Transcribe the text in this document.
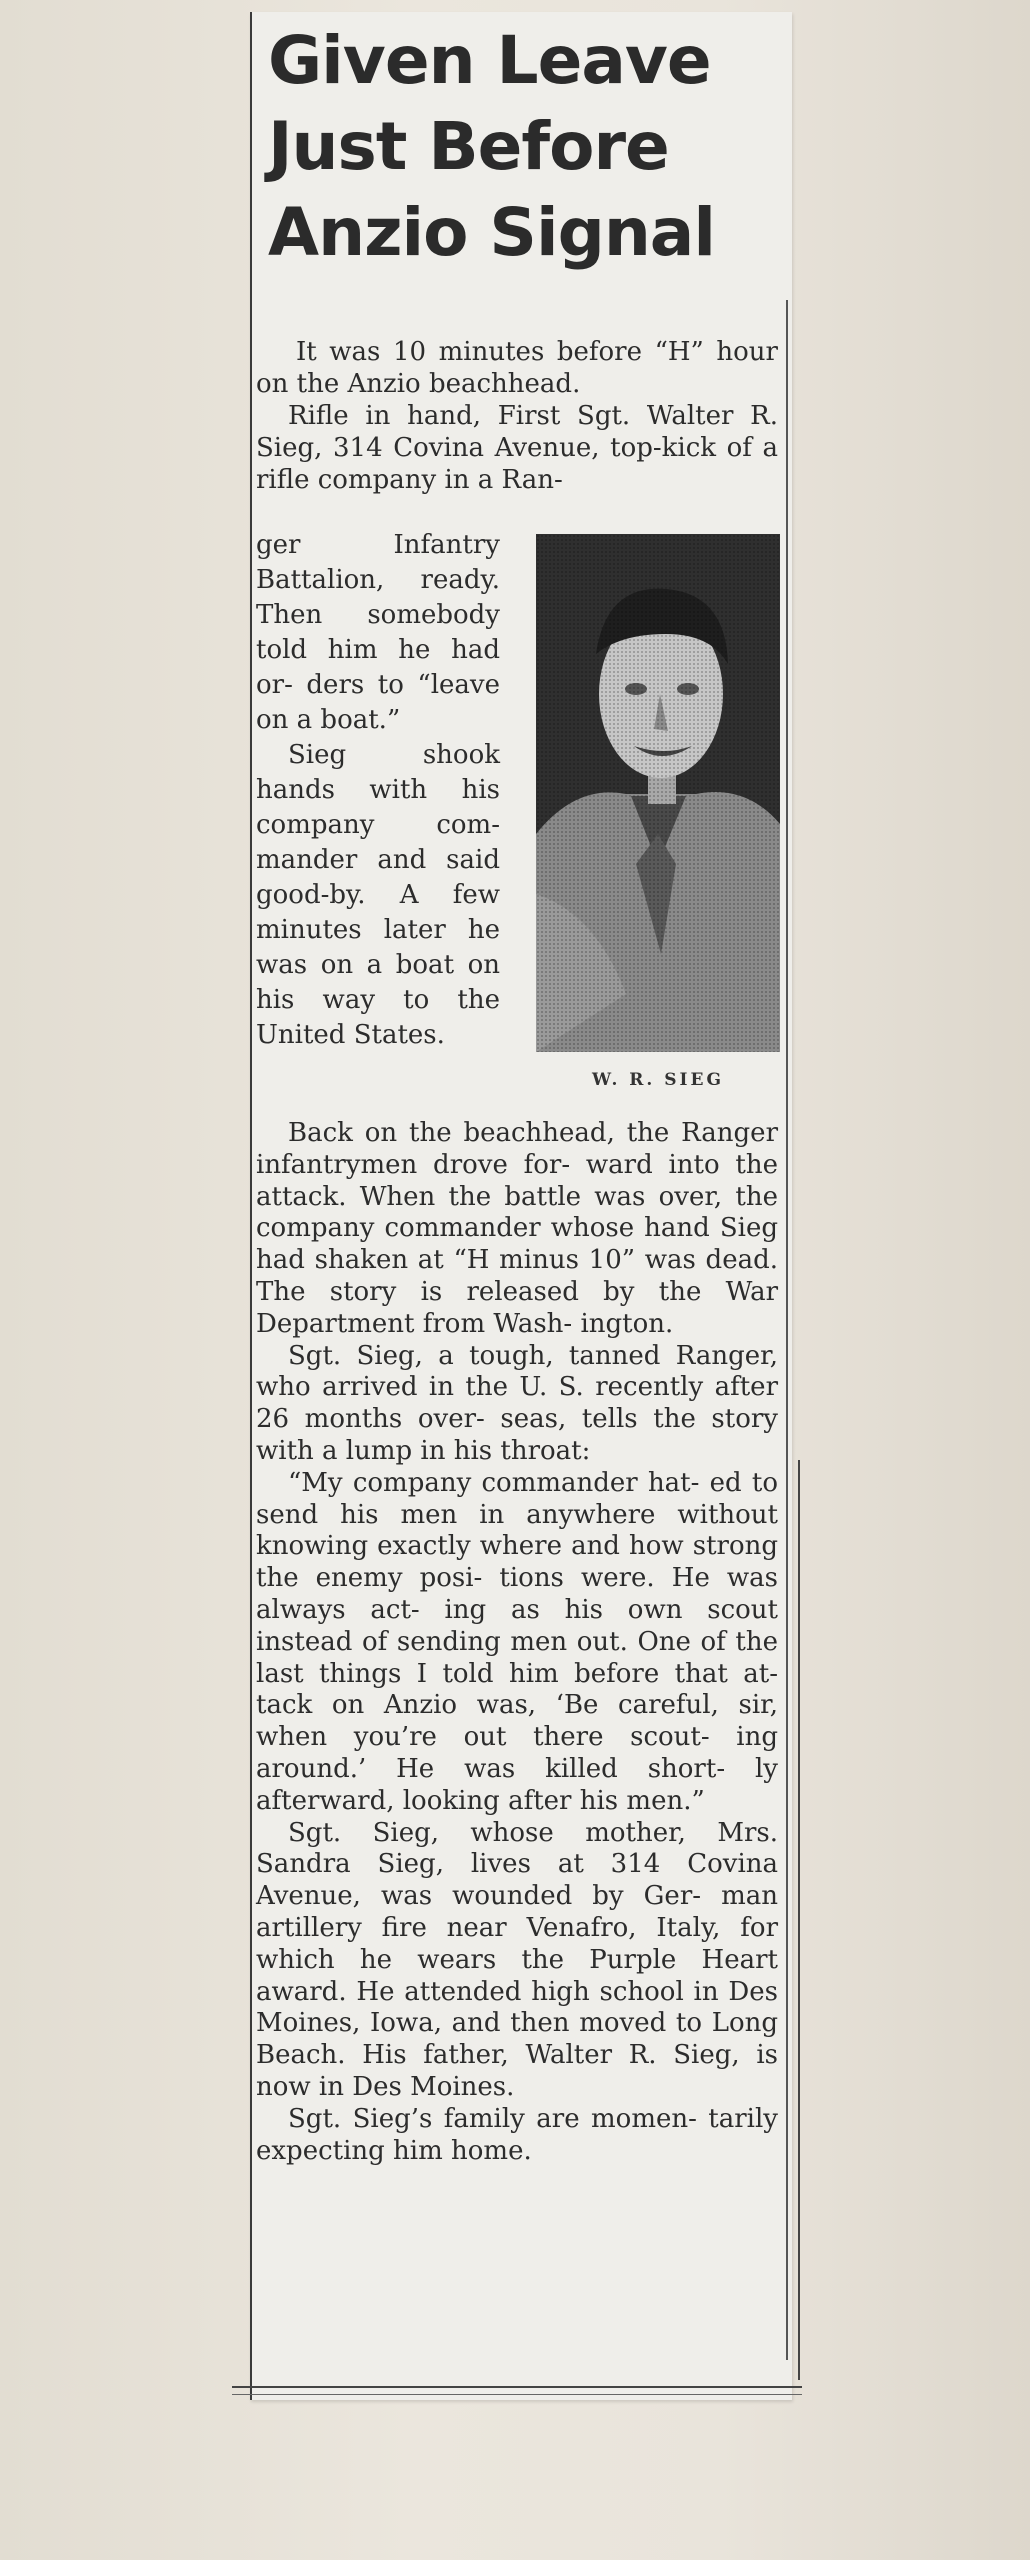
Given Leave
Just Before
Anzio Signal

It was 10 minutes before “H” hour on the Anzio beachhead.

Rifle in hand, First Sgt. Walter R. Sieg, 314 Covina Avenue, top-kick of a rifle company in a Ran-

ger Infantry Battalion, ready. Then somebody told him he had or- ders to “leave on a boat.”

Sieg shook hands with his company com- mander and said good-by. A few minutes later he was on a boat on his way to the United States.

W. R. SIEG

Back on the beachhead, the Ranger infantrymen drove for- ward into the attack. When the battle was over, the company commander whose hand Sieg had shaken at “H minus 10” was dead. The story is released by the War Department from Wash- ington.

Sgt. Sieg, a tough, tanned Ranger, who arrived in the U. S. recently after 26 months over- seas, tells the story with a lump in his throat:

“My company commander hat- ed to send his men in anywhere without knowing exactly where and how strong the enemy posi- tions were. He was always act- ing as his own scout instead of sending men out. One of the last things I told him before that at- tack on Anzio was, ‘Be careful, sir, when you’re out there scout- ing around.’ He was killed short- ly afterward, looking after his men.”

Sgt. Sieg, whose mother, Mrs. Sandra Sieg, lives at 314 Covina Avenue, was wounded by Ger- man artillery fire near Venafro, Italy, for which he wears the Purple Heart award. He attended high school in Des Moines, Iowa, and then moved to Long Beach. His father, Walter R. Sieg, is now in Des Moines.

Sgt. Sieg’s family are momen- tarily expecting him home.
